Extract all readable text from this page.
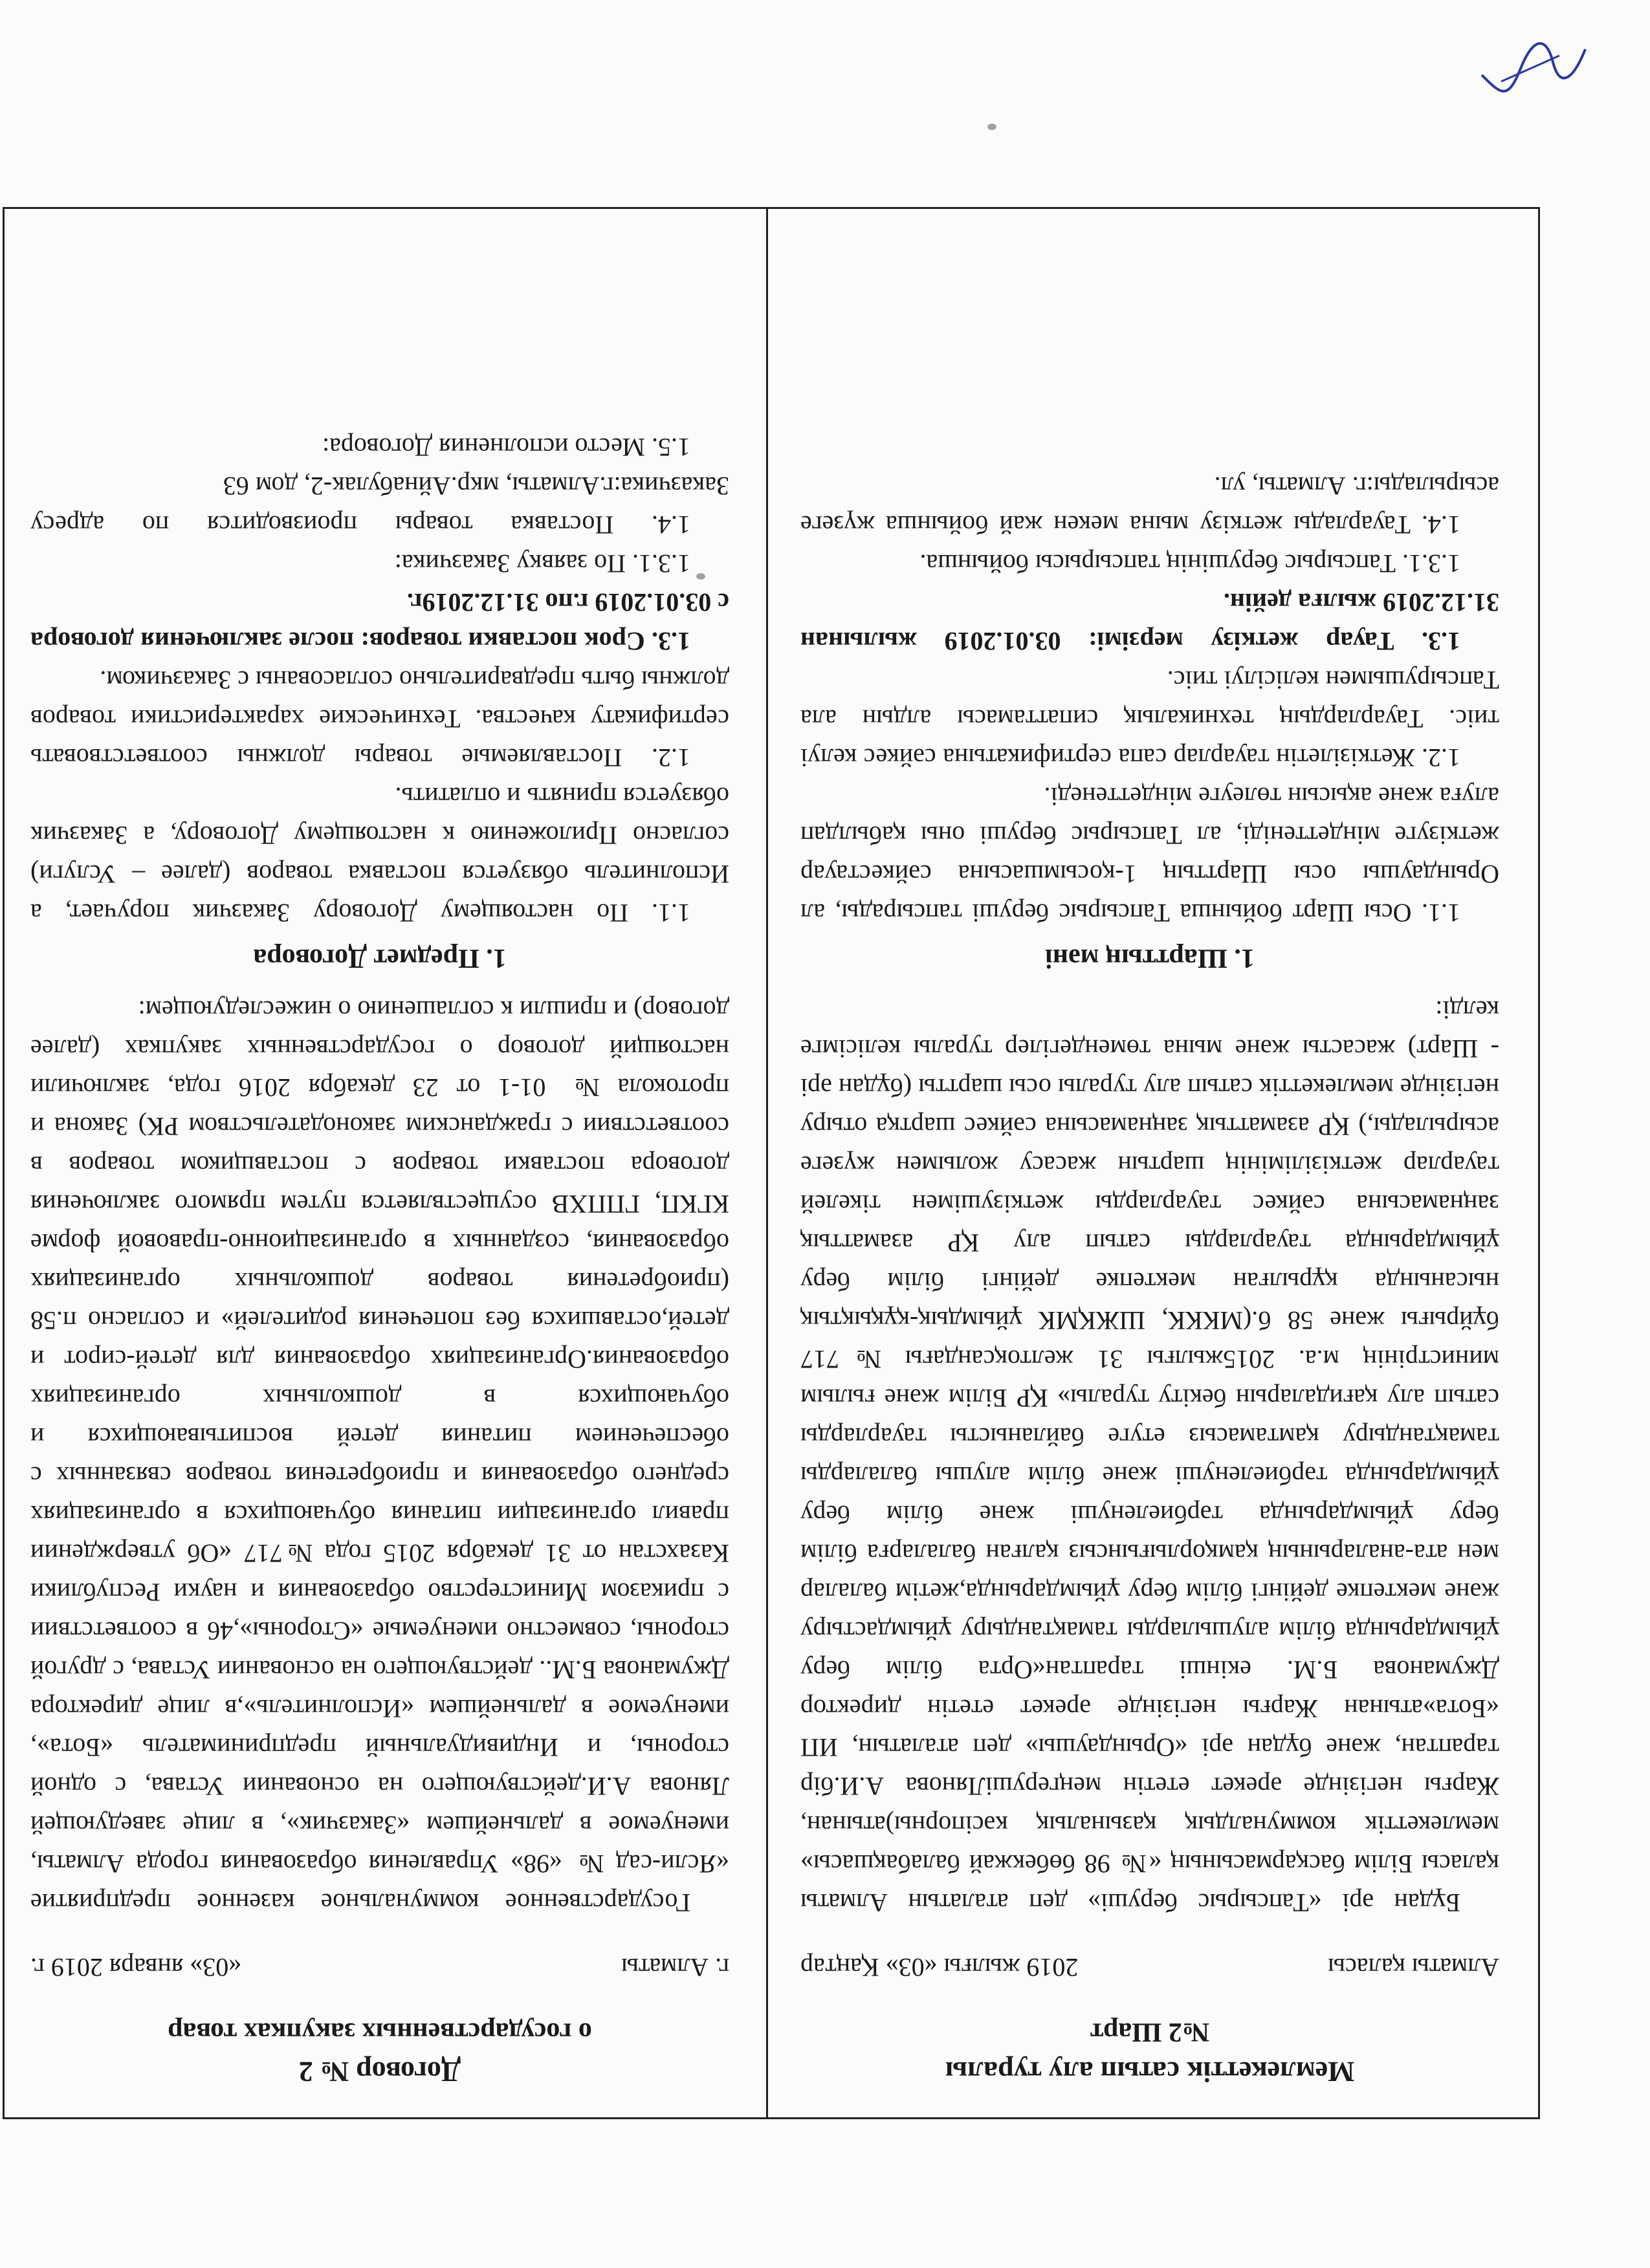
Мемлекеттік сатып алу туралы
№2 Шарт
Алматы қаласы
2019 жылғы «03» Қаңтар

Бұдан әрі «Тапсырыс беруші» деп аталатын Алматы қаласы Білім басқармасының «№ 98 бөбекжай балабақшасы» мемлекеттік коммуналдық қазыналық кәсіпорны)атынан, Жарғы негізінде әрекет ететін меңгерушіЛянова А.И.бір тараптан, және бұдан әрі «Орындаушы» деп аталатын, ИП «Бота»атынан Жарғы негізінде әрекет ететін директор Джуманова Б.М. екінші тараптан«Орта білім беру ұйымдарында білім алушыларды тамақтандыру ұйымдастыру және мектепке дейінгі білім беру ұйымдарында,жетім балалар мен ата-аналарының қамқорлығынсыз қалған балаларға білім беру ұйымдарында тәрбиеленуші және білім беру ұйымдарында тәрбиеленуші және білім алушы балаларды тамақтандыру қамтамасыз етуге байланысты тауарларды сатып алу қағидаларын бекіту туралы» ҚР Білім және ғылым министрінің м.а. 2015жылғы 31 желтоқсандағы №717 бұйрығы және 58 б.(МККК, ШЖҚМК ұйымдық-құқықтық нысанында құрылған мектепке дейінгі білім беру ұйымдарында тауарларды сатып алу ҚР азаматтық заңнамасына сәйкес тауарларды жеткізушімен тікелей тауарлар жеткізілімінің шартын жасасу жолымен жүзеге асырылады,) ҚР азаматтық заңнамасына сәйкес шартқа отыру негізінде мемлекеттік сатып алу туралы осы шартты (бұдан әрі - Шарт) жасасты және мына төмендегілер туралы келісімге келді:

1. Шарттың мәні

1.1. Осы Шарт бойынша Тапсырыс беруші тапсырады, ал Орындаушы осы Шарттың 1-қосымшасына сәйкестауар жеткізуге міндеттеніді, ал Тапсырыс беруші оны қабылдап алуға және ақысын төлеуге міндеттенеді.

1.2. Жеткізілетін тауарлар сапа сертификатына сәйкес келуі тиіс. Тауарлардың техникалық сипаттамасы алдын ала Тапсырушымен келісілуі тиіс.

1.3. Тауар жеткізу мерзімі: 03.01.2019 жылынан 31.12.2019 жылға дейін.

1.3.1. Тапсырыс берушінің тапсырысы бойынша.

1.4. Тауарлады жеткізу мына мекен жай бойынша жүзеге асырылады:г. Алматы, ул.

Договор № 2
о государственных закупках товар
г. Алматы
«03» января 2019 г.

Государственное коммунальное казенное предприятие «Ясли-сад № «98» Управления образования города Алматы, именуемое в дальнейшем «Заказчик», в лице заведующей Лянова А.И.действующего на основании Устава, с одной стороны, и Индивидуальный предприниматель «Бота», именуемое в дальнейшем «Исполнитель»,в лице директора Джуманова Б.М.. действующего на основании Устава, с другой стороны, совместно именуемые «Стороны»,46 в соответствии с приказом Министерство образования и науки Республики Казахстан от 31 декабря 2015 года №717 «Об утверждении правил организации питания обучающихся в организациях среднего образования и приобретения товаров связанных с обеспечением питания детей воспитывающихся и обучающихся в дошкольных организациях образования.Организациях образования для детей-сирот и детей,оставшихся без попечения родителей» и согласно п.58 (приобретения товаров дошкольных организациях образования, созданных в организационно-правовой форме КГКП, ГППХВ осуществляется путем прямого заключения договора поставки товаров с поставщиком товаров в соответствии с гражданским законодательством РК) Закона и протокола № 01-1 от 23 декабря 2016 года, заключили настоящий договор о государственных закупках (далее договор) и пришли к соглашению о нижеследующем:

1. Предмет Договора

1.1. По настоящему Договору Заказчик поручает, а Исполнитель обязуется поставка товаров (далее – Услуги) согласно Приложению к настоящему Договору, а Заказчик обязуется принять и оплатить.

1.2. Поставляемые товары должны соответствовать сертификату качества. Технические характеристики товаров должны быть предварительно согласованы с Заказчиком.

1.3. Срок поставки товаров: после заключения договора с 03.01.2019 г.по 31.12.2019г.

1.3.1. По заявку Заказчика:

1.4. Поставка товары производится по адресу Заказчика:г.Алматы, мкр.Айнабулак-2, дом 63

1.5. Место исполнения Договора:
